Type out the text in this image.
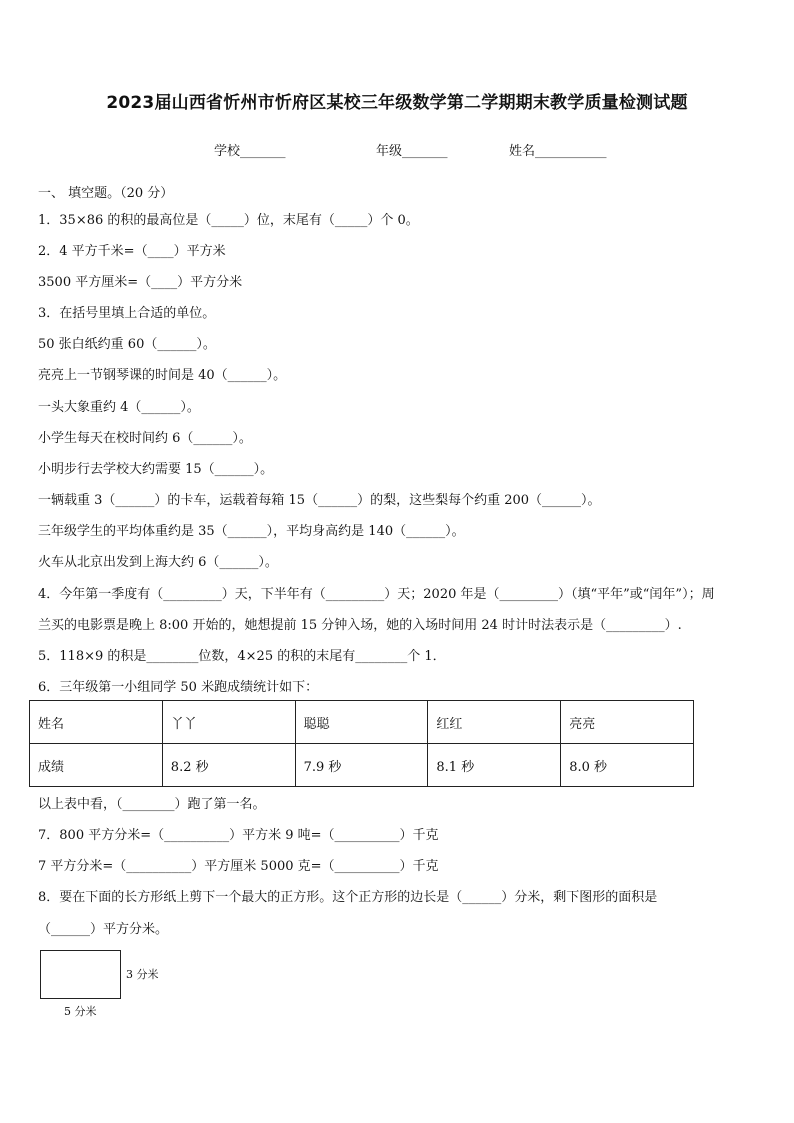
2023届山西省忻州市忻府区某校三年级数学第二学期期末教学质量检测试题
学校_______	年级_______	姓名___________
一、 填空题。（20 分）
1．35×86 的积的最高位是（_____）位，末尾有（_____）个 0。
2．4 平方千米=（____）平方米
3500 平方厘米=（____）平方分米
3．在括号里填上合适的单位。
50 张白纸约重 60（______）。
亮亮上一节钢琴课的时间是 40（______）。
一头大象重约 4（______）。
小学生每天在校时间约 6（______）。
小明步行去学校大约需要 15（______）。
一辆载重 3（______）的卡车，运载着每箱 15（______）的梨，这些梨每个约重 200（______）。
三年级学生的平均体重约是 35（______），平均身高约是 140（______）。
火车从北京出发到上海大约 6（______）。
4．今年第一季度有（_________）天，下半年有（_________）天；2020 年是（_________）（填“平年”或“闰年”）；周
兰买的电影票是晚上 8:00 开始的，她想提前 15 分钟入场，她的入场时间用 24 时计时法表示是（_________）.
5．118×9 的积是________位数，4×25 的积的末尾有________个 1．
6．三年级第一小组同学 50 米跑成绩统计如下：
姓名	丫丫	聪聪	红红	亮亮
成绩	8.2 秒	7.9 秒	8.1 秒	8.0 秒
以上表中看，（________）跑了第一名。
7．800 平方分米=（__________）平方米 9 吨=（__________）千克
7 平方分米=（__________）平方厘米 5000 克=（__________）千克
8．要在下面的长方形纸上剪下一个最大的正方形。这个正方形的边长是（______）分米，剩下图形的面积是
（______）平方分米。
3 分米
5 分米
